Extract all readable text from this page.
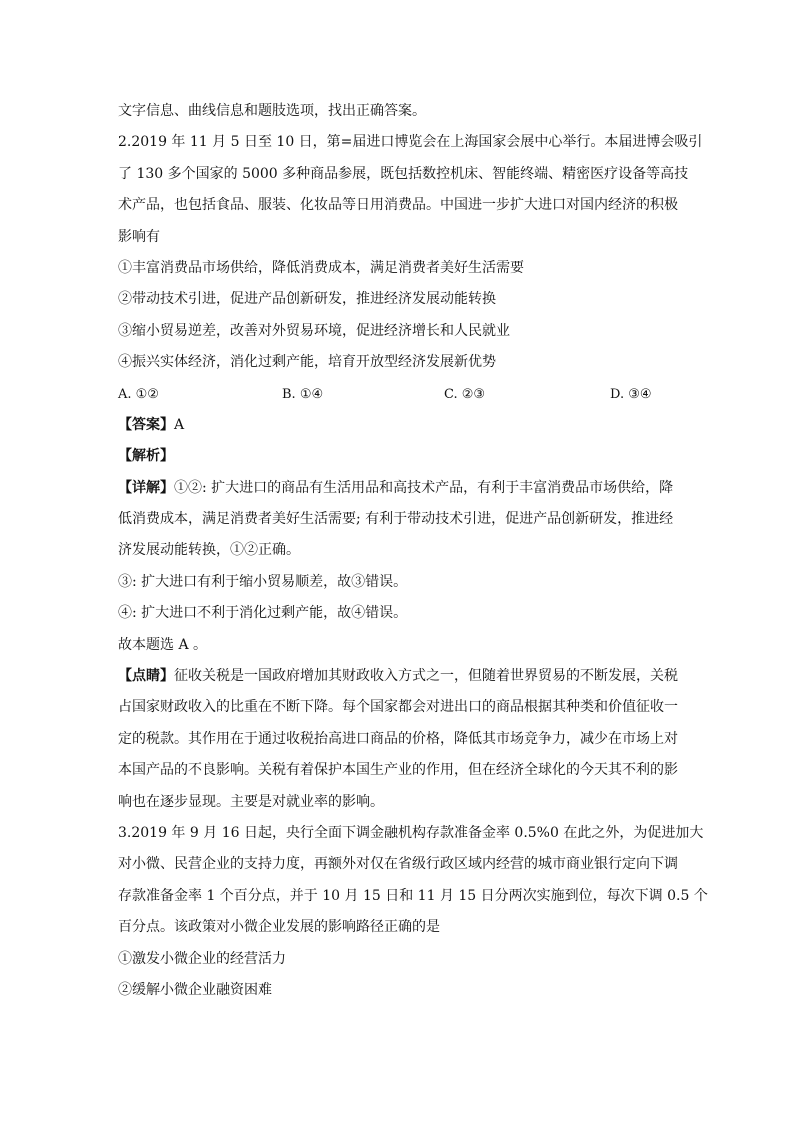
文字信息、曲线信息和题肢选项，找出正确答案。
2.2019 年 11 月 5 日至 10 日，第=届进口博览会在上海国家会展中心举行。本届进博会吸引
了 130 多个国家的 5000 多种商品参展，既包括数控机床、智能终端、精密医疗设备等高技
术产品，也包括食品、服装、化妆品等日用消费品。中国进一步扩大进口对国内经济的积极
影响有
①丰富消费品市场供给，降低消费成本，满足消费者美好生活需要
②带动技术引进，促进产品创新研发，推进经济发展动能转换
③缩小贸易逆差，改善对外贸易环境，促进经济增长和人民就业
④振兴实体经济，消化过剩产能，培育开放型经济发展新优势
A. ①②	B. ①④	C. ②③	D. ③④
【答案】A
【解析】
【详解】①②: 扩大进口的商品有生活用品和高技术产品，有利于丰富消费品市场供给，降
低消费成本，满足消费者美好生活需要; 有利于带动技术引进，促进产品创新研发，推进经
济发展动能转换，①②正确。
③: 扩大进口有利于缩小贸易顺差，故③错误。
④: 扩大进口不利于消化过剩产能，故④错误。
故本题选 A 。
【点睛】征收关税是一国政府增加其财政收入方式之一，但随着世界贸易的不断发展，关税
占国家财政收入的比重在不断下降。每个国家都会对进出口的商品根据其种类和价值征收一
定的税款。其作用在于通过收税抬高进口商品的价格，降低其市场竞争力，减少在市场上对
本国产品的不良影响。关税有着保护本国生产业的作用，但在经济全球化的今天其不利的影
响也在逐步显现。主要是对就业率的影响。
3.2019 年 9 月 16 日起，央行全面下调金融机构存款准备金率 0.5%0 在此之外，为促进加大
对小微、民营企业的支持力度，再额外对仅在省级行政区域内经营的城市商业银行定向下调
存款准备金率 1 个百分点，并于 10 月 15 日和 11 月 15 日分两次实施到位，每次下调 0.5 个
百分点。该政策对小微企业发展的影响路径正确的是
①激发小微企业的经营活力
②缓解小微企业融资困难
